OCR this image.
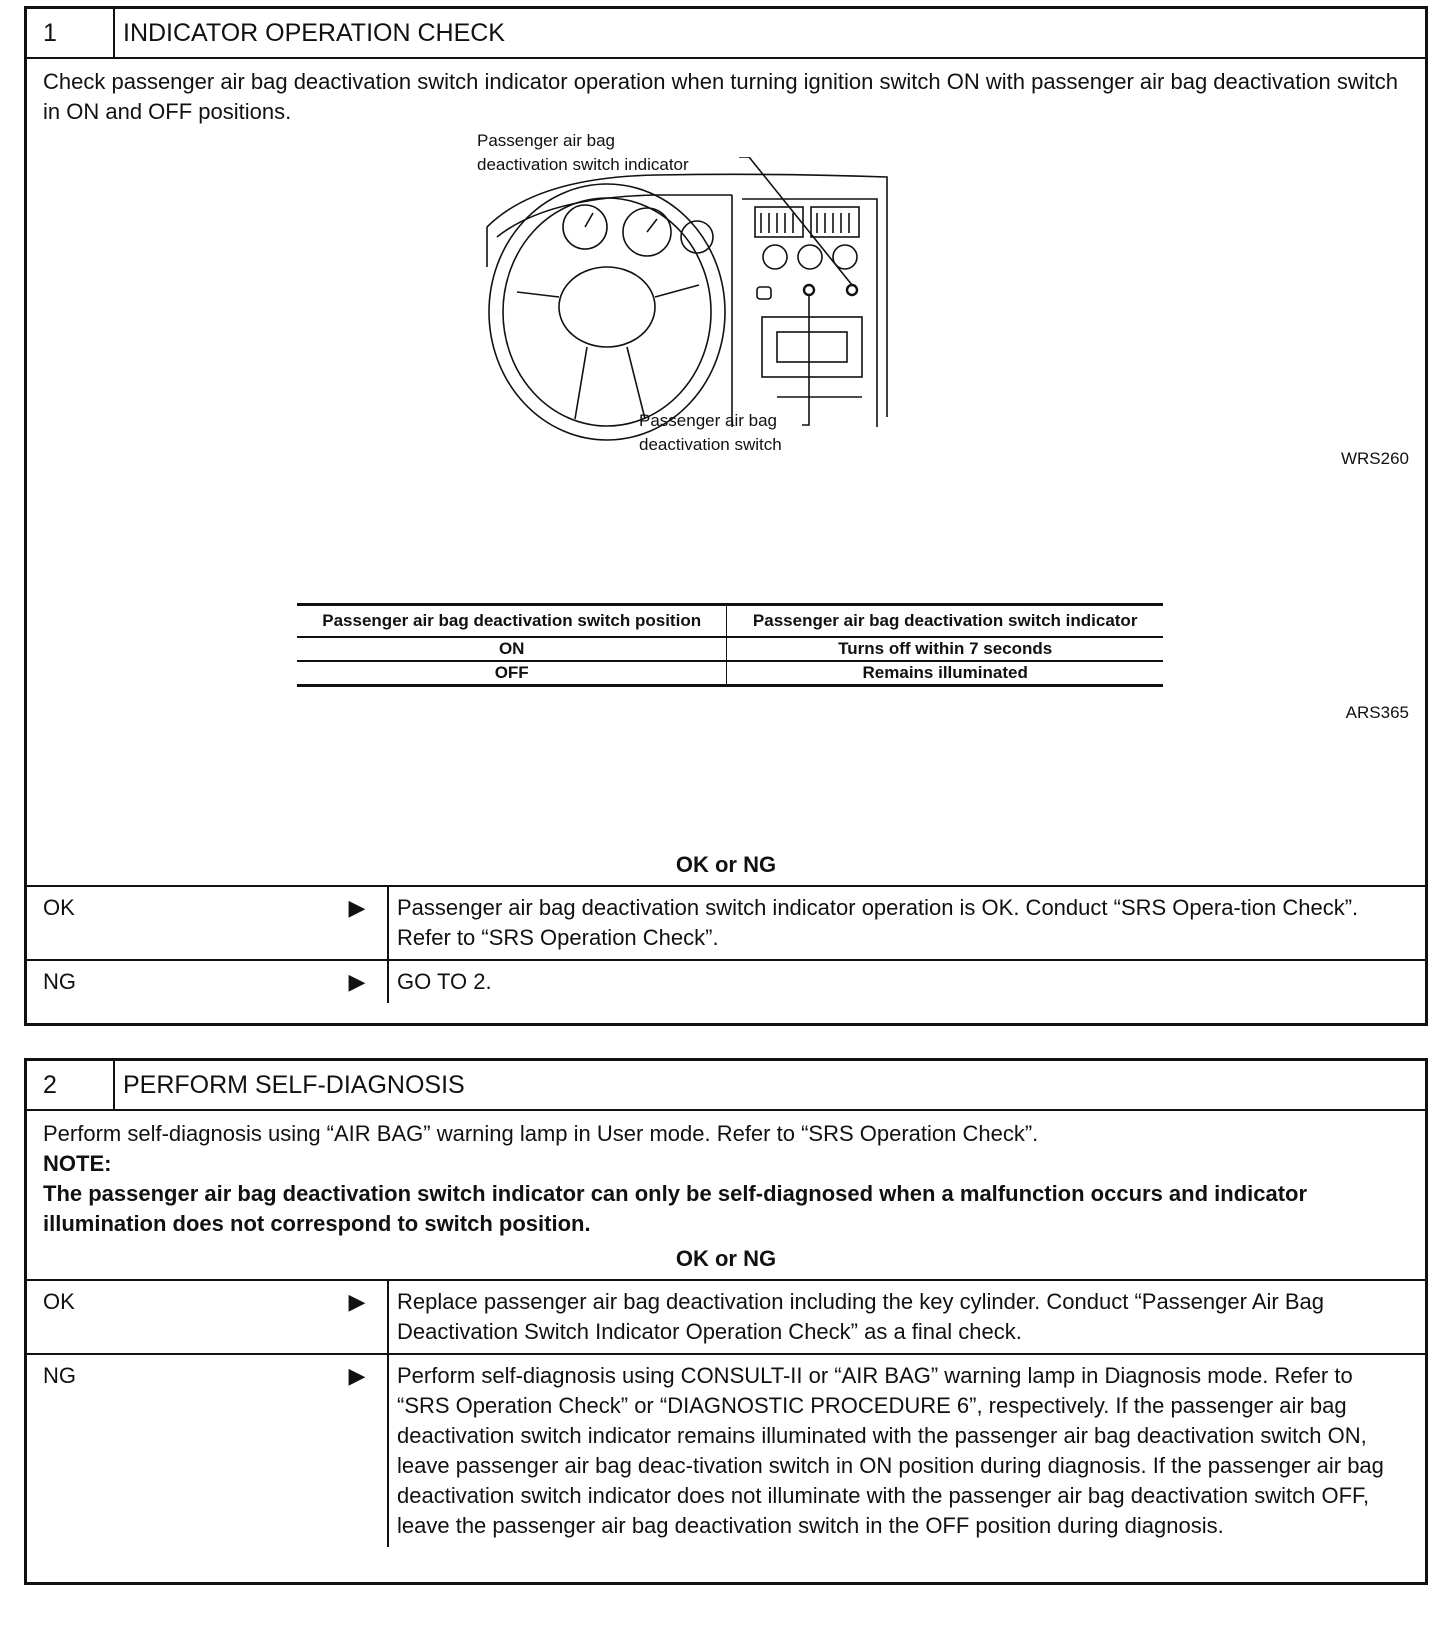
1	INDICATOR OPERATION CHECK
Check passenger air bag deactivation switch indicator operation when turning ignition switch ON with passenger air bag deactivation switch in ON and OFF positions.
Passenger air bag
deactivation switch indicator
Passenger air bag
deactivation switch
WRS260
Passenger air bag deactivation switch position	Passenger air bag deactivation switch indicator
ON	Turns off within 7 seconds
OFF	Remains illuminated
ARS365
OK or NG
OK	▶	Passenger air bag deactivation switch indicator operation is OK. Conduct “SRS Opera-tion Check”. Refer to “SRS Operation Check”.
NG	▶	GO TO 2.
2	PERFORM SELF-DIAGNOSIS
Perform self-diagnosis using “AIR BAG” warning lamp in User mode. Refer to “SRS Operation Check”.
NOTE:
The passenger air bag deactivation switch indicator can only be self-diagnosed when a malfunction occurs and indicator illumination does not correspond to switch position.
OK or NG
OK	▶	Replace passenger air bag deactivation including the key cylinder. Conduct “Passenger Air Bag Deactivation Switch Indicator Operation Check” as a final check.
NG	▶	Perform self-diagnosis using CONSULT-II or “AIR BAG” warning lamp in Diagnosis mode. Refer to “SRS Operation Check” or “DIAGNOSTIC PROCEDURE 6”, respectively. If the passenger air bag deactivation switch indicator remains illuminated with the passenger air bag deactivation switch ON, leave passenger air bag deac-tivation switch in ON position during diagnosis. If the passenger air bag deactivation switch indicator does not illuminate with the passenger air bag deactivation switch OFF, leave the passenger air bag deactivation switch in the OFF position during diagnosis.
